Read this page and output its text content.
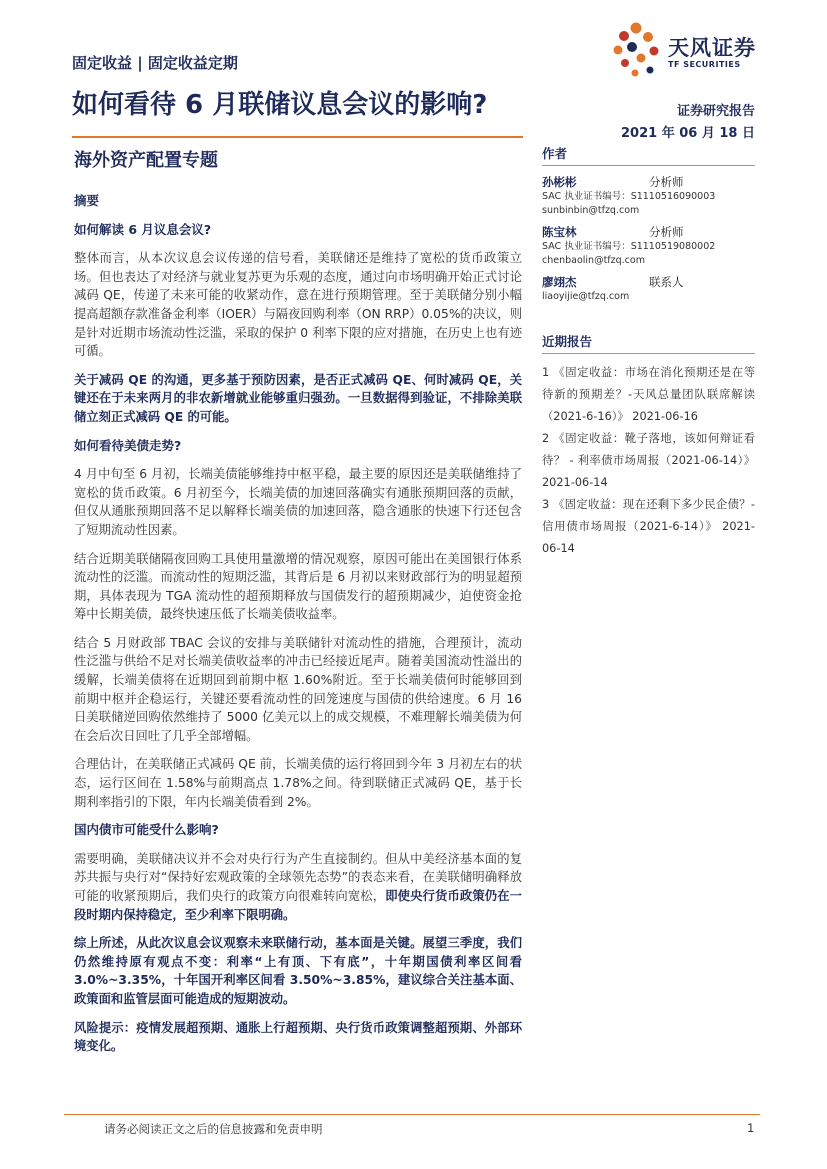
固定收益 | 固定收益定期
如何看待 6 月联储议息会议的影响?
海外资产配置专题
天风证券
TF SECURITIES
证券研究报告
2021 年 06 月 18 日

摘要

如何解读 6 月议息会议?

整体而言，从本次议息会议传递的信号看，美联储还是维持了宽松的货币政策立场。但也表达了对经济与就业复苏更为乐观的态度，通过向市场明确开始正式讨论减码 QE，传递了未来可能的收紧动作，意在进行预期管理。至于美联储分别小幅提高超额存款准备金利率（IOER）与隔夜回购利率（ON RRP）0.05%的决议，则是针对近期市场流动性泛滥，采取的保护 0 利率下限的应对措施，在历史上也有迹可循。

关于减码 QE 的沟通，更多基于预防因素，是否正式减码 QE、何时减码 QE，关键还在于未来两月的非农新增就业能够重归强劲。一旦数据得到验证，不排除美联储立刻正式减码 QE 的可能。

如何看待美债走势?

4 月中旬至 6 月初，长端美债能够维持中枢平稳，最主要的原因还是美联储维持了宽松的货币政策。6 月初至今，长端美债的加速回落确实有通胀预期回落的贡献，但仅从通胀预期回落不足以解释长端美债的加速回落，隐含通胀的快速下行还包含了短期流动性因素。

结合近期美联储隔夜回购工具使用量激增的情况观察，原因可能出在美国银行体系流动性的泛滥。而流动性的短期泛滥，其背后是 6 月初以来财政部行为的明显超预期，具体表现为 TGA 流动性的超预期释放与国债发行的超预期减少，迫使资金抢筹中长期美债，最终快速压低了长端美债收益率。

结合 5 月财政部 TBAC 会议的安排与美联储针对流动性的措施，合理预计，流动性泛滥与供给不足对长端美债收益率的冲击已经接近尾声。随着美国流动性溢出的缓解，长端美债将在近期回到前期中枢 1.60%附近。至于长端美债何时能够回到前期中枢并企稳运行，关键还要看流动性的回笼速度与国债的供给速度。6 月 16 日美联储逆回购依然维持了 5000 亿美元以上的成交规模，不难理解长端美债为何在会后次日回吐了几乎全部增幅。

合理估计，在美联储正式减码 QE 前，长端美债的运行将回到今年 3 月初左右的状态，运行区间在 1.58%与前期高点 1.78%之间。待到联储正式减码 QE，基于长期利率指引的下限，年内长端美债看到 2%。

国内债市可能受什么影响?

需要明确，美联储决议并不会对央行行为产生直接制约。但从中美经济基本面的复苏共振与央行对“保持好宏观政策的全球领先态势”的表态来看，在美联储明确释放可能的收紧预期后，我们央行的政策方向很难转向宽松，即使央行货币政策仍在一段时期内保持稳定，至少利率下限明确。

综上所述，从此次议息会议观察未来联储行动，基本面是关键。展望三季度，我们仍然维持原有观点不变：利率“上有顶、下有底”，十年期国债利率区间看 3.0%~3.35%，十年国开利率区间看 3.50%~3.85%，建议综合关注基本面、政策面和监管层面可能造成的短期波动。

风险提示：疫情发展超预期、通胀上行超预期、央行货币政策调整超预期、外部环境变化。

作者
孙彬彬	分析师
SAC 执业证书编号：S1110516090003
sunbinbin@tfzq.com
陈宝林	分析师
SAC 执业证书编号：S1110519080002
chenbaolin@tfzq.com
廖翊杰	联系人
liaoyijie@tfzq.com
近期报告
1 《固定收益：市场在消化预期还是在等待新的预期差？-天风总量团队联席解读（2021-6-16）》 2021-06-16
2 《固定收益：靴子落地，该如何辩证看待？ - 利率债市场周报（2021-06-14）》 2021-06-14
3 《固定收益：现在还剩下多少民企债？-信用债市场周报（2021-6-14）》 2021-06-14
请务必阅读正文之后的信息披露和免责申明	1
